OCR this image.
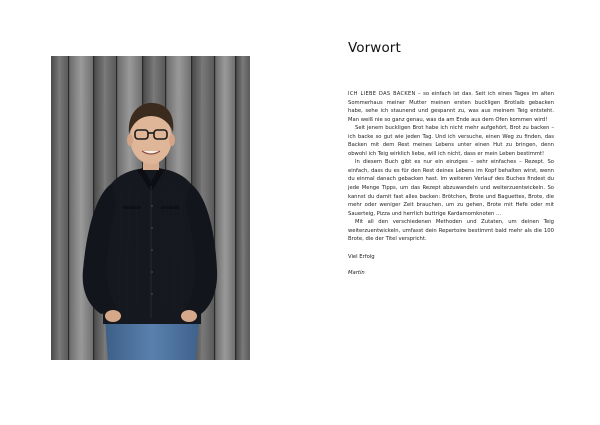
Vorwort

ICH LIEBE DAS BACKEN – so einfach ist das. Seit ich eines Tages im alten Sommerhaus meiner Mutter meinen ersten buckligen Brotlaib gebacken habe, sehe ich staunend und gespannt zu, was aus meinem Teig entsteht. Man weiß nie so ganz genau, was da am Ende aus dem Ofen kommen wird!

Seit jenem buckligen Brot habe ich nicht mehr aufgehört, Brot zu backen – ich backe so gut wie jeden Tag. Und ich versuche, einen Weg zu finden, das Backen mit dem Rest meines Lebens unter einen Hut zu bringen, denn obwohl ich Teig wirklich liebe, will ich nicht, dass er mein Leben bestimmt!

In diesem Buch gibt es nur ein einziges – sehr einfaches – Rezept. So einfach, dass du es für den Rest deines Lebens im Kopf behalten wirst, wenn du einmal danach gebacken hast. Im weiteren Verlauf des Buches findest du jede Menge Tipps, um das Rezept abzuwandeln und weiterzuentwickeln. So kannst du damit fast alles backen: Brötchen, Brote und Baguettes, Brote, die mehr oder weniger Zeit brauchen, um zu gehen, Brote mit Hefe oder mit Sauerteig, Pizza und herrlich buttrige Kardamomknoten …

Mit all den verschiedenen Methoden und Zutaten, um deinen Teig weiterzuentwickeln, umfasst dein Repertoire bestimmt bald mehr als die 100 Brote, die der Titel verspricht.

Viel Erfolg

Martin
